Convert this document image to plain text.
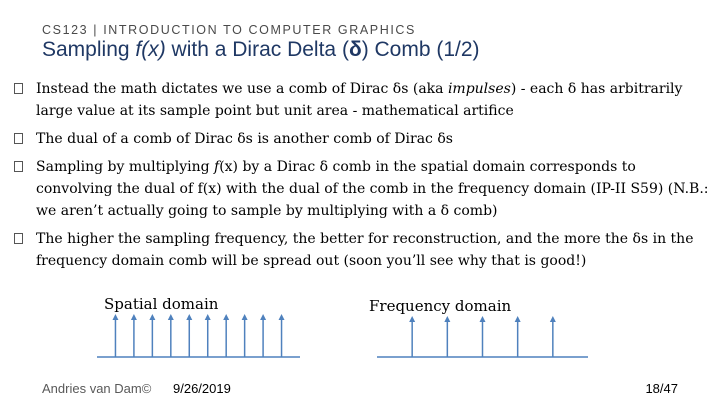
CS123 | INTRODUCTION TO COMPUTER GRAPHICS
Sampling f(x) with a Dirac Delta (δ) Comb (1/2)
Instead the math dictates we use a comb of Dirac δs (aka impulses) - each δ has arbitrarily large value at its sample point but unit area - mathematical artifice
The dual of a comb of Dirac δs is another comb of Dirac δs
Sampling by multiplying f(x) by a Dirac δ comb in the spatial domain corresponds to convolving the dual of f(x) with the dual of the comb in the frequency domain (IP-II S59) (N.B.: we aren’t actually going to sample by multiplying with a δ comb)
The higher the sampling frequency, the better for reconstruction, and the more the δs in the frequency domain comb will be spread out (soon you’ll see why that is good!)
Spatial domain	Frequency domain
Andries van Dam© 9/26/2019	18/47
